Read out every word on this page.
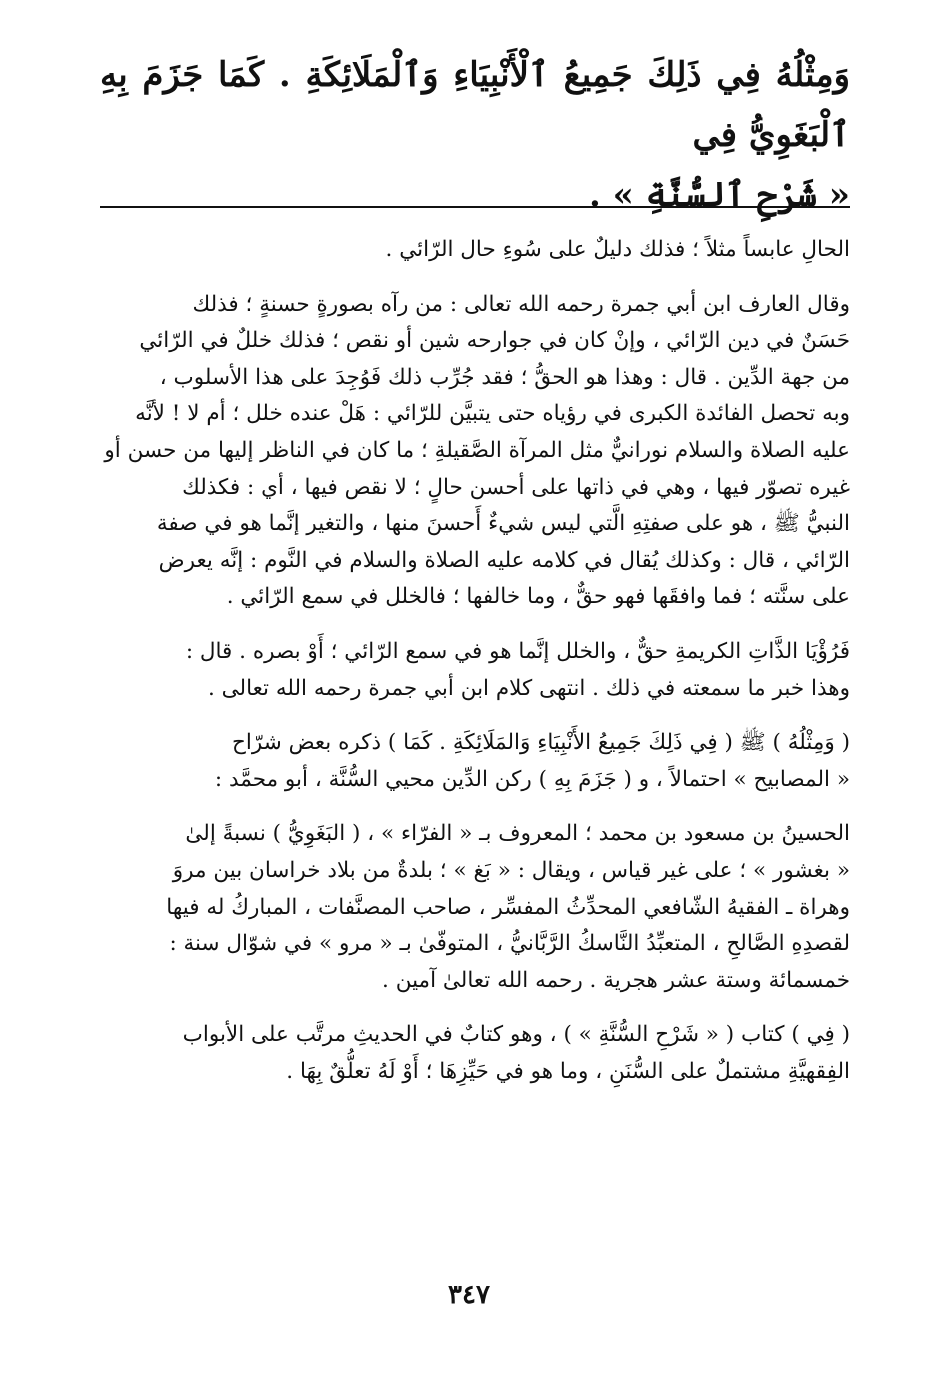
وَمِثْلُهُ فِي ذَلِكَ جَمِيعُ ٱلْأَنْبِيَاءِ وَٱلْمَلَائِكَةِ . كَمَا جَزَمَ بِهِ ٱلْبَغَوِيُّ فِي
« شَرْحِ ٱلسُّنَّةِ » .

الحالِ عابساً مثلاً ؛ فذلك دليلٌ على سُوءِ حال الرّائي .

وقال العارف ابن أبي جمرة رحمه الله تعالى : من رآه بصورةٍ حسنةٍ ؛ فذلك
حَسَنٌ في دين الرّائي ، وإنْ كان في جوارحه شين أو نقص ؛ فذلك خللٌ في الرّائي
من جهة الدِّين . قال : وهذا هو الحقُّ ؛ فقد جُرِّب ذلك فَوُجِدَ على هذا الأسلوب ،
وبه تحصل الفائدة الكبرى في رؤياه حتى يتبيَّن للرّائي : هَلْ عنده خلل ؛ أم لا ! لأنَّه
عليه الصلاة والسلام نورانيٌّ مثل المرآة الصَّقيلةِ ؛ ما كان في الناظر إليها من حسن أو
غيره تصوّر فيها ، وهي في ذاتها على أحسن حالٍ ؛ لا نقص فيها ، أي : فكذلك
النبيُّ ﷺ ، هو على صفتِهِ الَّتي ليس شيءٌ أَحسنَ منها ، والتغير إنَّما هو في صفة
الرّائي ، قال : وكذلك يُقال في كلامه عليه الصلاة والسلام في النَّوم : إنَّه يعرض
على سنَّته ؛ فما وافقَها فهو حقٌّ ، وما خالفها ؛ فالخلل في سمع الرّائي .

فَرُؤْيَا الذَّاتِ الكريمةِ حقٌّ ، والخلل إنَّما هو في سمع الرّائي ؛ أَوْ بصره . قال :
وهذا خبر ما سمعته في ذلك . انتهى كلام ابن أبي جمرة رحمه الله تعالى .

( وَمِثْلُهُ ) ﷺ ( فِي ذَلِكَ جَمِيعُ الأَنْبِيَاءِ وَالمَلَائِكَةِ . كَمَا ) ذكره بعض شرّاح
« المصابيح » احتمالاً ، و ( جَزَمَ بِهِ ) ركن الدِّين محيي السُّنَّة ، أبو محمَّد :

الحسينُ بن مسعود بن محمد ؛ المعروف بـ « الفرّاء » ، ( البَغَوِيُّ ) نسبةً إلىٰ
« بغشور » ؛ على غير قياس ، ويقال : « بَغ » ؛ بلدةٌ من بلاد خراسان بين مروَ
وهراة ـ الفقيهُ الشّافعي المحدِّثُ المفسِّر ، صاحب المصنَّفات ، المباركُ له فيها
لقصدِهِ الصَّالحِ ، المتعبِّدُ النَّاسكُ الرَّبَّانيُّ ، المتوفّىٰ بـ « مرو » في شوّال سنة :
خمسمائة وستة عشر هجرية . رحمه الله تعالىٰ آمين .

( فِي ) كتاب ( « شَرْحِ السُّنَّةِ » ) ، وهو كتابٌ في الحديثِ مرتَّب على الأبواب
الفِقهيَّةِ مشتملٌ على السُّنَنِ ، وما هو في حَيِّزِهَا ؛ أَوْ لَهُ تعلُّقٌ بِهَا .

٣٤٧
